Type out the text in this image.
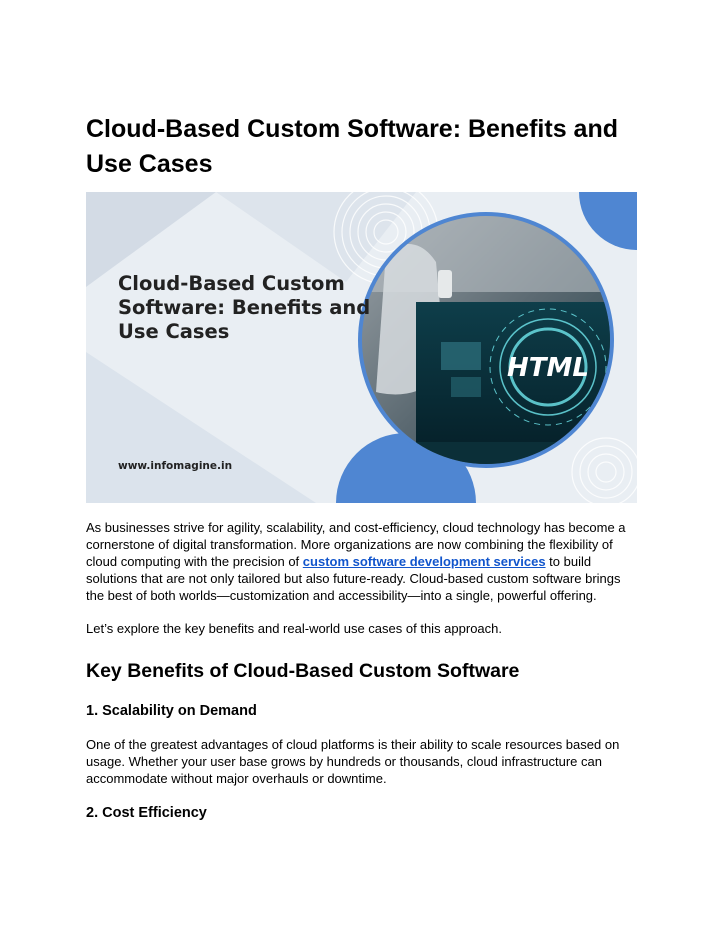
Cloud-Based Custom Software: Benefits and Use Cases
HTML
Cloud-Based Custom Software: Benefits and Use Cases
www.infomagine.in

As businesses strive for agility, scalability, and cost-efficiency, cloud technology has become a cornerstone of digital transformation. More organizations are now combining the flexibility of cloud computing with the precision of custom software development services to build solutions that are not only tailored but also future-ready. Cloud-based custom software brings the best of both worlds—customization and accessibility—into a single, powerful offering.

Let’s explore the key benefits and real-world use cases of this approach.

Key Benefits of Cloud-Based Custom Software
1. Scalability on Demand

One of the greatest advantages of cloud platforms is their ability to scale resources based on usage. Whether your user base grows by hundreds or thousands, cloud infrastructure can accommodate without major overhauls or downtime.

2. Cost Efficiency
